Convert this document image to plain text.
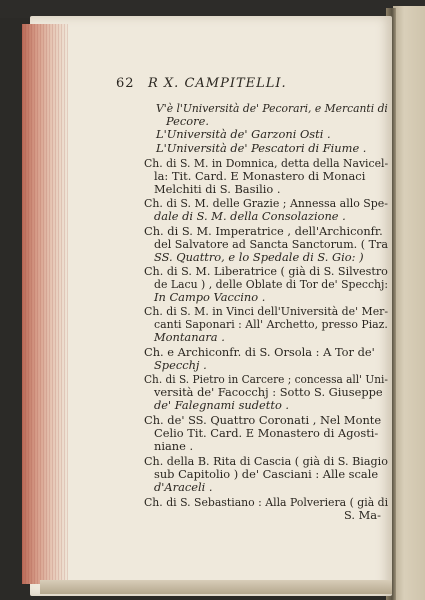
62 R X. CAMPITELLI.
V'è l'Università de' Pecorari, e Mercanti di
Pecore.
L'Università de' Garzoni Osti .
L'Università de' Pescatori di Fiume .
Ch. di S. M. in Domnica, detta della Navicel-
la: Tit. Card. E Monastero di Monaci
Melchiti di S. Basilio .
Ch. di S. M. delle Grazie ; Annessa allo Spe-
dale di S. M. della Consolazione .
Ch. di S. M. Imperatrice , dell'Archiconfr.
del Salvatore ad Sancta Sanctorum. ( Tra
SS. Quattro, e lo Spedale di S. Gio: )
Ch. di S. M. Liberatrice ( già di S. Silvestro
de Lacu ) , delle Oblate di Tor de' Specchj:
In Campo Vaccino .
Ch. di S. M. in Vinci dell'Università de' Mer-
canti Saponari : All' Archetto, presso Piaz.
Montanara .
Ch. e Archiconfr. di S. Orsola : A Tor de'
Specchj .
Ch. di S. Pietro in Carcere ; concessa all' Uni-
versità de' Facocchj : Sotto S. Giuseppe
de' Falegnami sudetto .
Ch. de' SS. Quattro Coronati , Nel Monte
Celio Tit. Card. E Monastero di Agosti-
niane .
Ch. della B. Rita di Cascia ( già di S. Biagio
sub Capitolio ) de' Casciani : Alle scale
d'Araceli .
Ch. di S. Sebastiano : Alla Polveriera ( già di
S. Ma-
